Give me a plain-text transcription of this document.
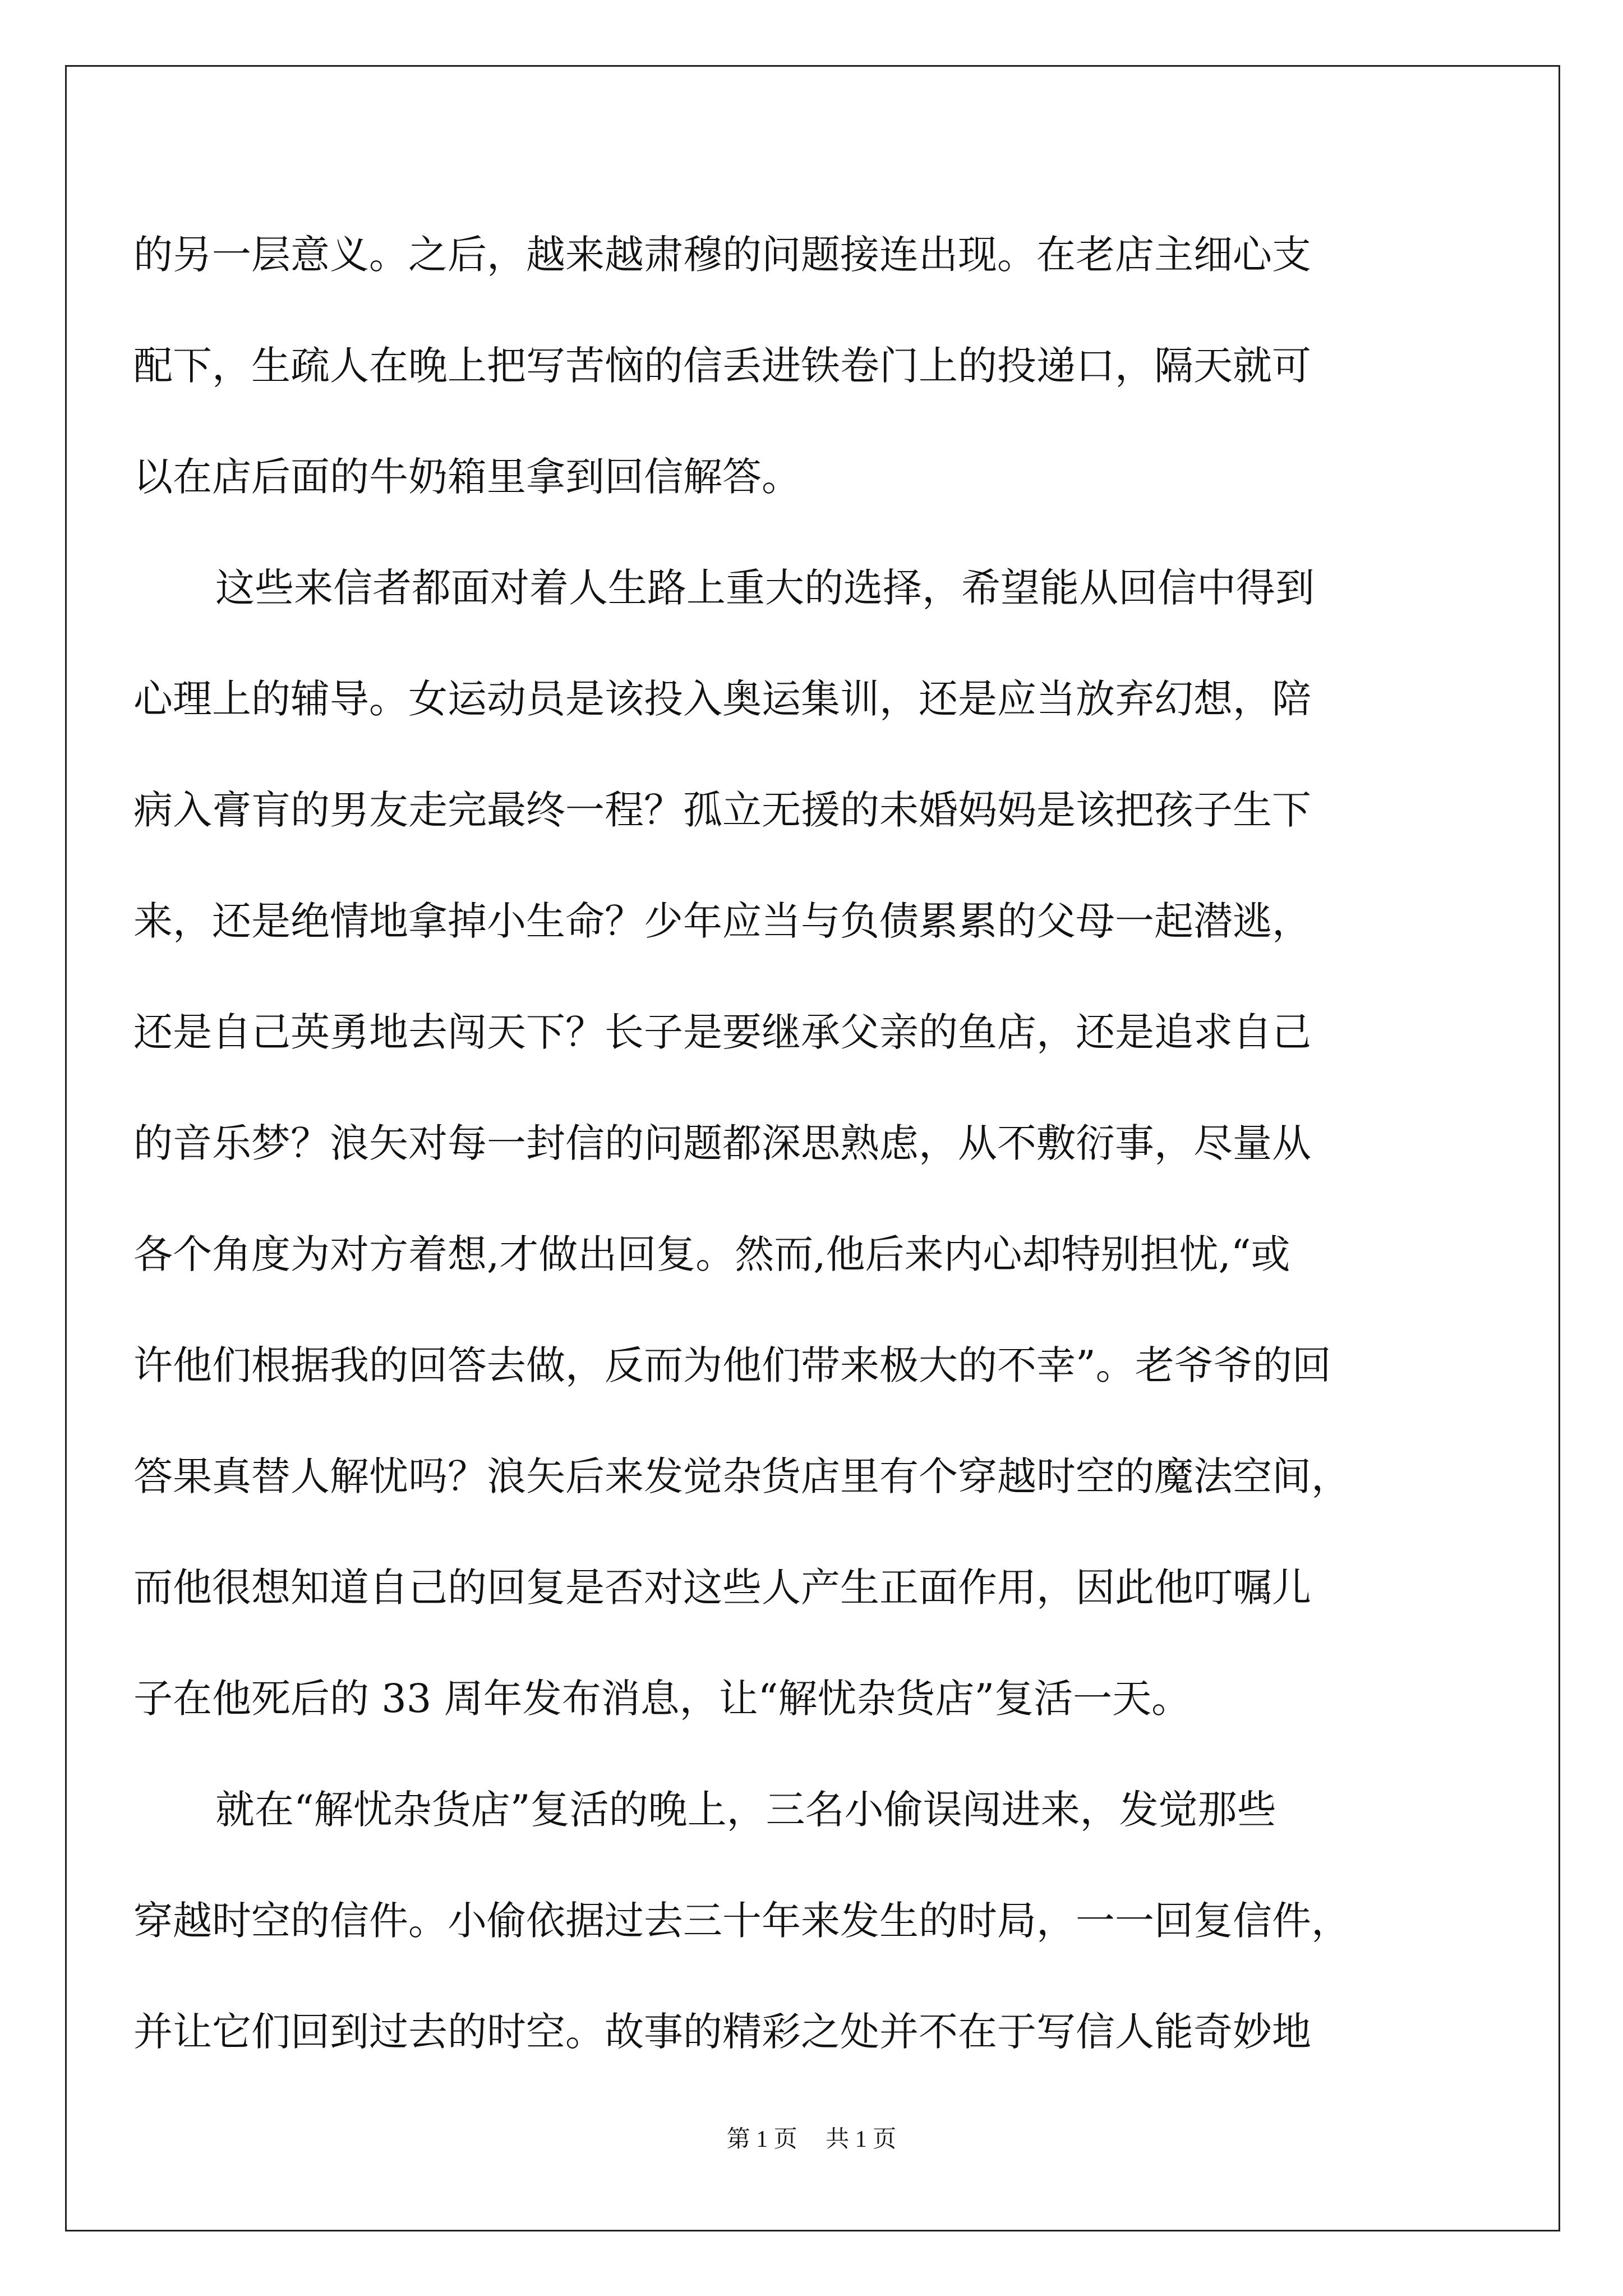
的另一层意义。之后，越来越肃穆的问题接连出现。在老店主细心支
配下，生疏人在晚上把写苦恼的信丢进铁卷门上的投递口，隔天就可
以在店后面的牛奶箱里拿到回信解答。
这些来信者都面对着人生路上重大的选择，希望能从回信中得到
心理上的辅导。女运动员是该投入奥运集训，还是应当放弃幻想，陪
病入膏肓的男友走完最终一程？孤立无援的未婚妈妈是该把孩子生下
来，还是绝情地拿掉小生命？少年应当与负债累累的父母一起潜逃，
还是自己英勇地去闯天下？长子是要继承父亲的鱼店，还是追求自己
的音乐梦？浪矢对每一封信的问题都深思熟虑，从不敷衍事，尽量从
各个角度为对方着想,才做出回复。然而,他后来内心却特别担忧,“或
许他们根据我的回答去做，反而为他们带来极大的不幸”。老爷爷的回
答果真替人解忧吗？浪矢后来发觉杂货店里有个穿越时空的魔法空间，
而他很想知道自己的回复是否对这些人产生正面作用，因此他叮嘱儿
子在他死后的 33 周年发布消息，让“解忧杂货店”复活一天。
就在“解忧杂货店”复活的晚上，三名小偷误闯进来，发觉那些
穿越时空的信件。小偷依据过去三十年来发生的时局，一一回复信件，
并让它们回到过去的时空。故事的精彩之处并不在于写信人能奇妙地
第 1 页 共 1 页
